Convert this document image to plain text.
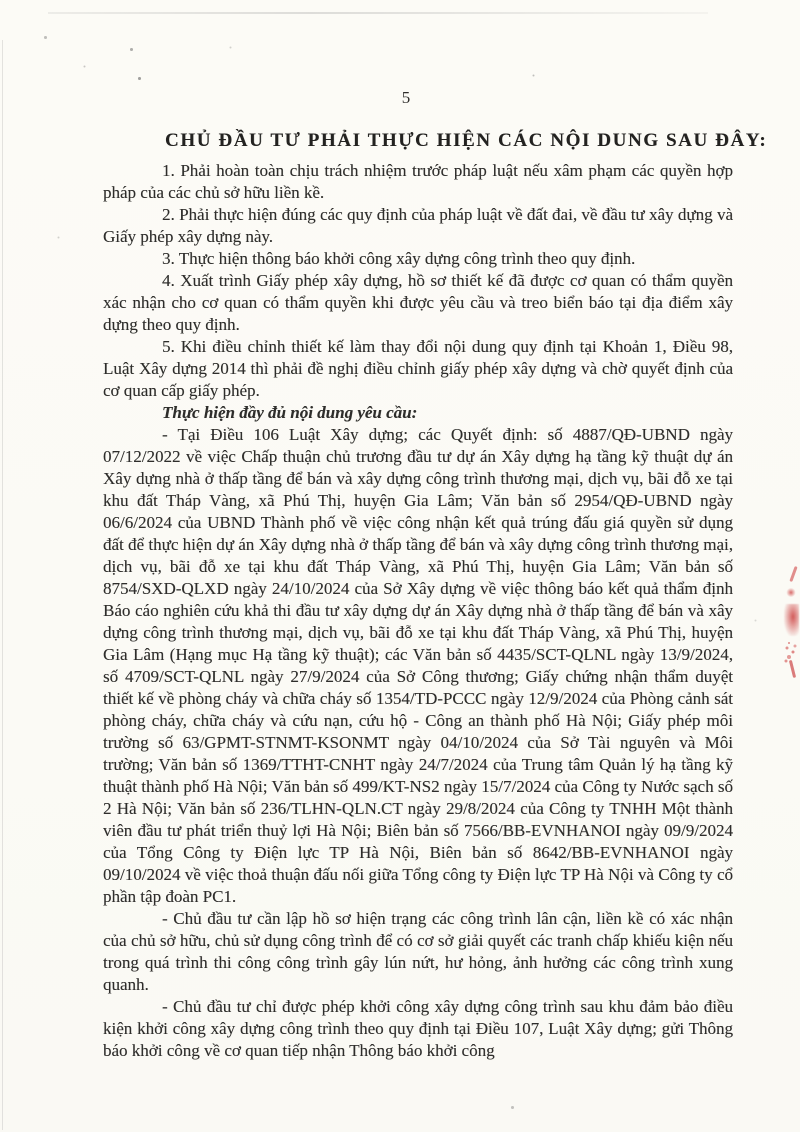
5
CHỦ ĐẦU TƯ PHẢI THỰC HIỆN CÁC NỘI DUNG SAU ĐÂY:

1. Phải hoàn toàn chịu trách nhiệm trước pháp luật nếu xâm phạm các quyền hợp pháp của các chủ sở hữu liền kề.

2. Phải thực hiện đúng các quy định của pháp luật về đất đai, về đầu tư xây dựng và Giấy phép xây dựng này.

3. Thực hiện thông báo khởi công xây dựng công trình theo quy định.

4. Xuất trình Giấy phép xây dựng, hồ sơ thiết kế đã được cơ quan có thẩm quyền xác nhận cho cơ quan có thẩm quyền khi được yêu cầu và treo biển báo tại địa điểm xây dựng theo quy định.

5. Khi điều chỉnh thiết kế làm thay đổi nội dung quy định tại Khoản 1, Điều 98, Luật Xây dựng 2014 thì phải đề nghị điều chỉnh giấy phép xây dựng và chờ quyết định của cơ quan cấp giấy phép.

Thực hiện đầy đủ nội dung yêu cầu:

- Tại Điều 106 Luật Xây dựng; các Quyết định: số 4887/QĐ-UBND ngày 07/12/2022 về việc Chấp thuận chủ trương đầu tư dự án Xây dựng hạ tầng kỹ thuật dự án Xây dựng nhà ở thấp tầng để bán và xây dựng công trình thương mại, dịch vụ, bãi đỗ xe tại khu đất Tháp Vàng, xã Phú Thị, huyện Gia Lâm; Văn bản số 2954/QĐ-UBND ngày 06/6/2024 của UBND Thành phố về việc công nhận kết quả trúng đấu giá quyền sử dụng đất để thực hiện dự án Xây dựng nhà ở thấp tầng để bán và xây dựng công trình thương mại, dịch vụ, bãi đỗ xe tại khu đất Tháp Vàng, xã Phú Thị, huyện Gia Lâm; Văn bản số 8754/SXD-QLXD ngày 24/10/2024 của Sở Xây dựng về việc thông báo kết quả thẩm định Báo cáo nghiên cứu khả thi đầu tư xây dựng dự án Xây dựng nhà ở thấp tầng để bán và xây dựng công trình thương mại, dịch vụ, bãi đỗ xe tại khu đất Tháp Vàng, xã Phú Thị, huyện Gia Lâm (Hạng mục Hạ tầng kỹ thuật); các Văn bản số 4435/SCT-QLNL ngày 13/9/2024, số 4709/SCT-QLNL ngày 27/9/2024 của Sở Công thương; Giấy chứng nhận thẩm duyệt thiết kế về phòng cháy và chữa cháy số 1354/TD-PCCC ngày 12/9/2024 của Phòng cảnh sát phòng cháy, chữa cháy và cứu nạn, cứu hộ - Công an thành phố Hà Nội; Giấy phép môi trường số 63/GPMT-STNMT-KSONMT ngày 04/10/2024 của Sở Tài nguyên và Môi trường; Văn bản số 1369/TTHT-CNHT ngày 24/7/2024 của Trung tâm Quản lý hạ tầng kỹ thuật thành phố Hà Nội; Văn bản số 499/KT-NS2 ngày 15/7/2024 của Công ty Nước sạch số 2 Hà Nội; Văn bản số 236/TLHN-QLN.CT ngày 29/8/2024 của Công ty TNHH Một thành viên đầu tư phát triển thuỷ lợi Hà Nội; Biên bản số 7566/BB-EVNHANOI ngày 09/9/2024 của Tổng Công ty Điện lực TP Hà Nội, Biên bản số 8642/BB-EVNHANOI ngày 09/10/2024 về việc thoả thuận đấu nối giữa Tổng công ty Điện lực TP Hà Nội và Công ty cổ phần tập đoàn PC1.

- Chủ đầu tư cần lập hồ sơ hiện trạng các công trình lân cận, liền kề có xác nhận của chủ sở hữu, chủ sử dụng công trình để có cơ sở giải quyết các tranh chấp khiếu kiện nếu trong quá trình thi công công trình gây lún nứt, hư hỏng, ảnh hưởng các công trình xung quanh.

- Chủ đầu tư chỉ được phép khởi công xây dựng công trình sau khu đảm bảo điều kiện khởi công xây dựng công trình theo quy định tại Điều 107, Luật Xây dựng; gửi Thông báo khởi công về cơ quan tiếp nhận Thông báo khởi công
